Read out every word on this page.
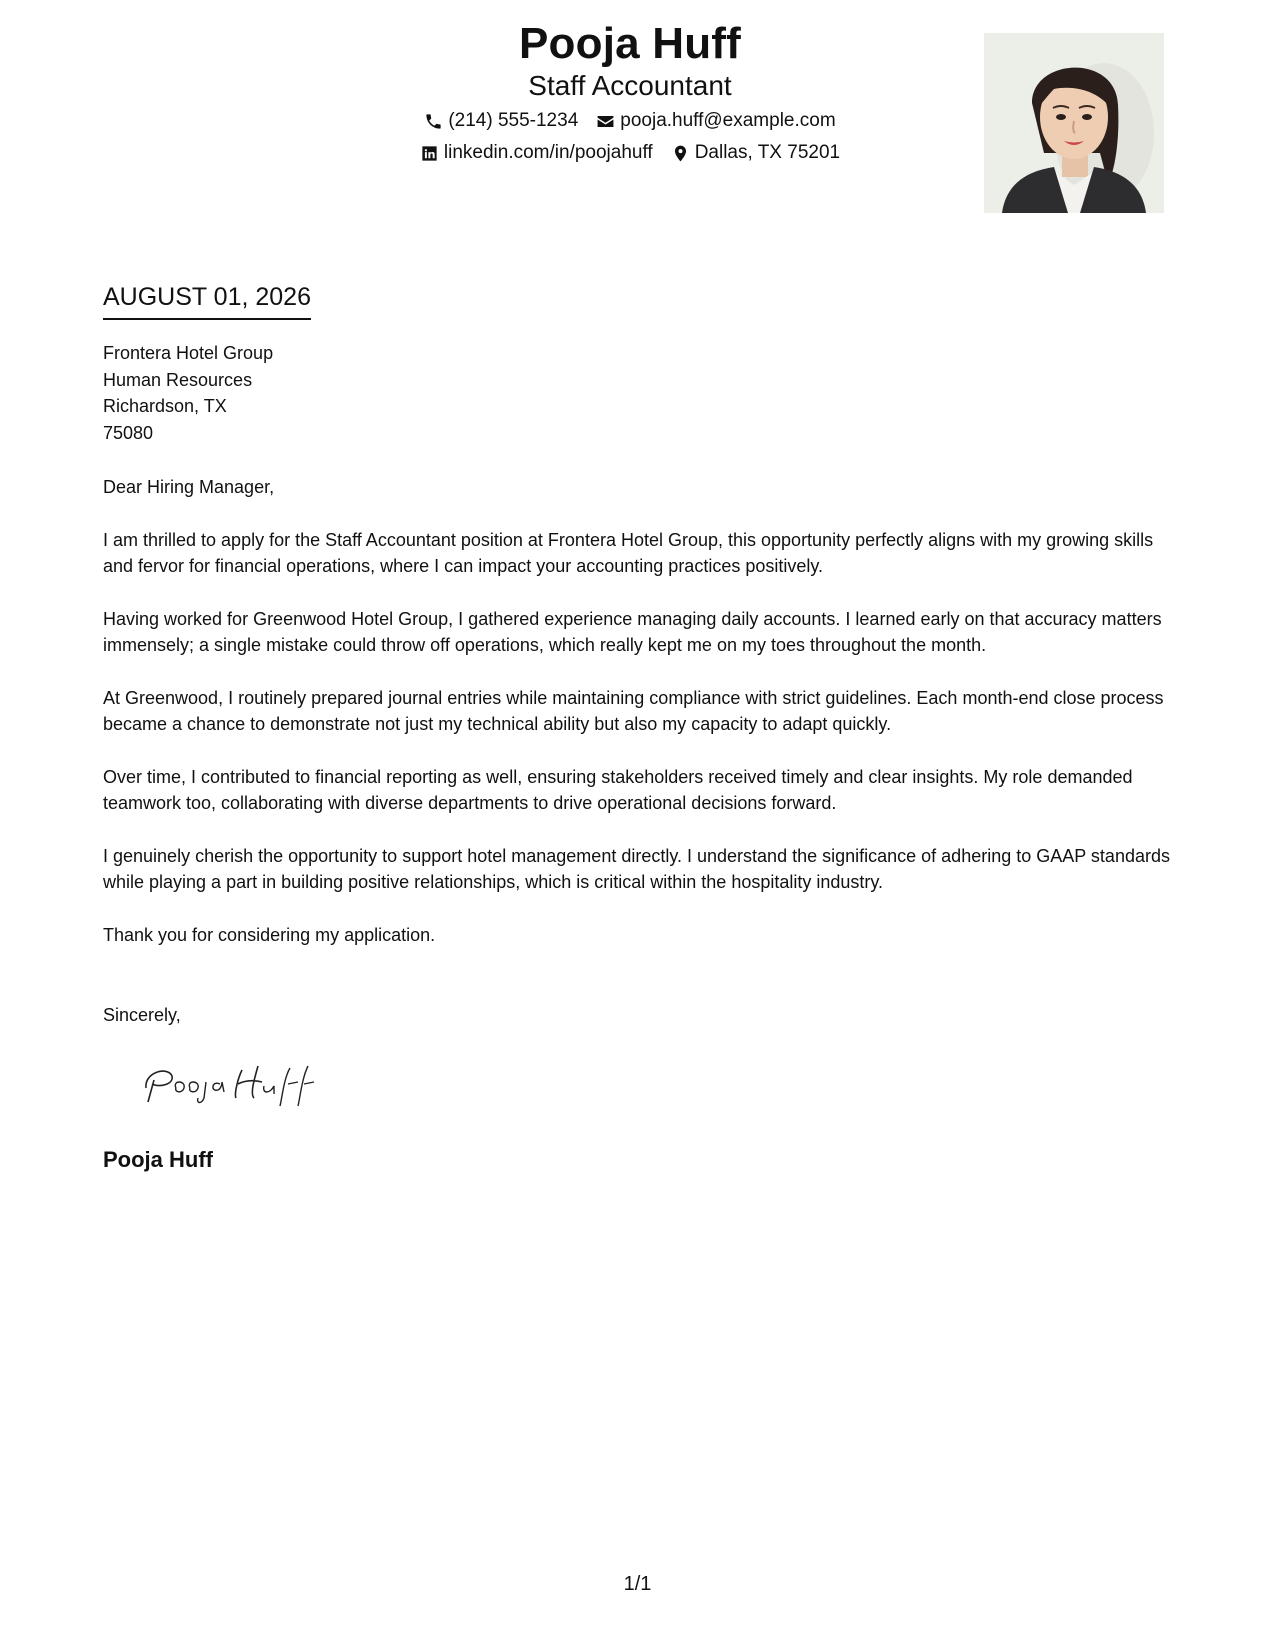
Pooja Huff
Staff Accountant
(214) 555-1234 pooja.huff@example.com
linkedin.com/in/poojahuff Dallas, TX 75201
AUGUST 01, 2026
Frontera Hotel Group
Human Resources
Richardson, TX
75080

Dear Hiring Manager,

I am thrilled to apply for the Staff Accountant position at Frontera Hotel Group, this opportunity perfectly aligns with my growing skills and fervor for financial operations, where I can impact your accounting practices positively.

Having worked for Greenwood Hotel Group, I gathered experience managing daily accounts. I learned early on that accuracy matters immensely; a single mistake could throw off operations, which really kept me on my toes throughout the month.

At Greenwood, I routinely prepared journal entries while maintaining compliance with strict guidelines. Each month-end close process became a chance to demonstrate not just my technical ability but also my capacity to adapt quickly.

Over time, I contributed to financial reporting as well, ensuring stakeholders received timely and clear insights. My role demanded teamwork too, collaborating with diverse departments to drive operational decisions forward.

I genuinely cherish the opportunity to support hotel management directly. I understand the significance of adhering to GAAP standards while playing a part in building positive relationships, which is critical within the hospitality industry.

Thank you for considering my application.

Sincerely,
Pooja Huff
1/1
